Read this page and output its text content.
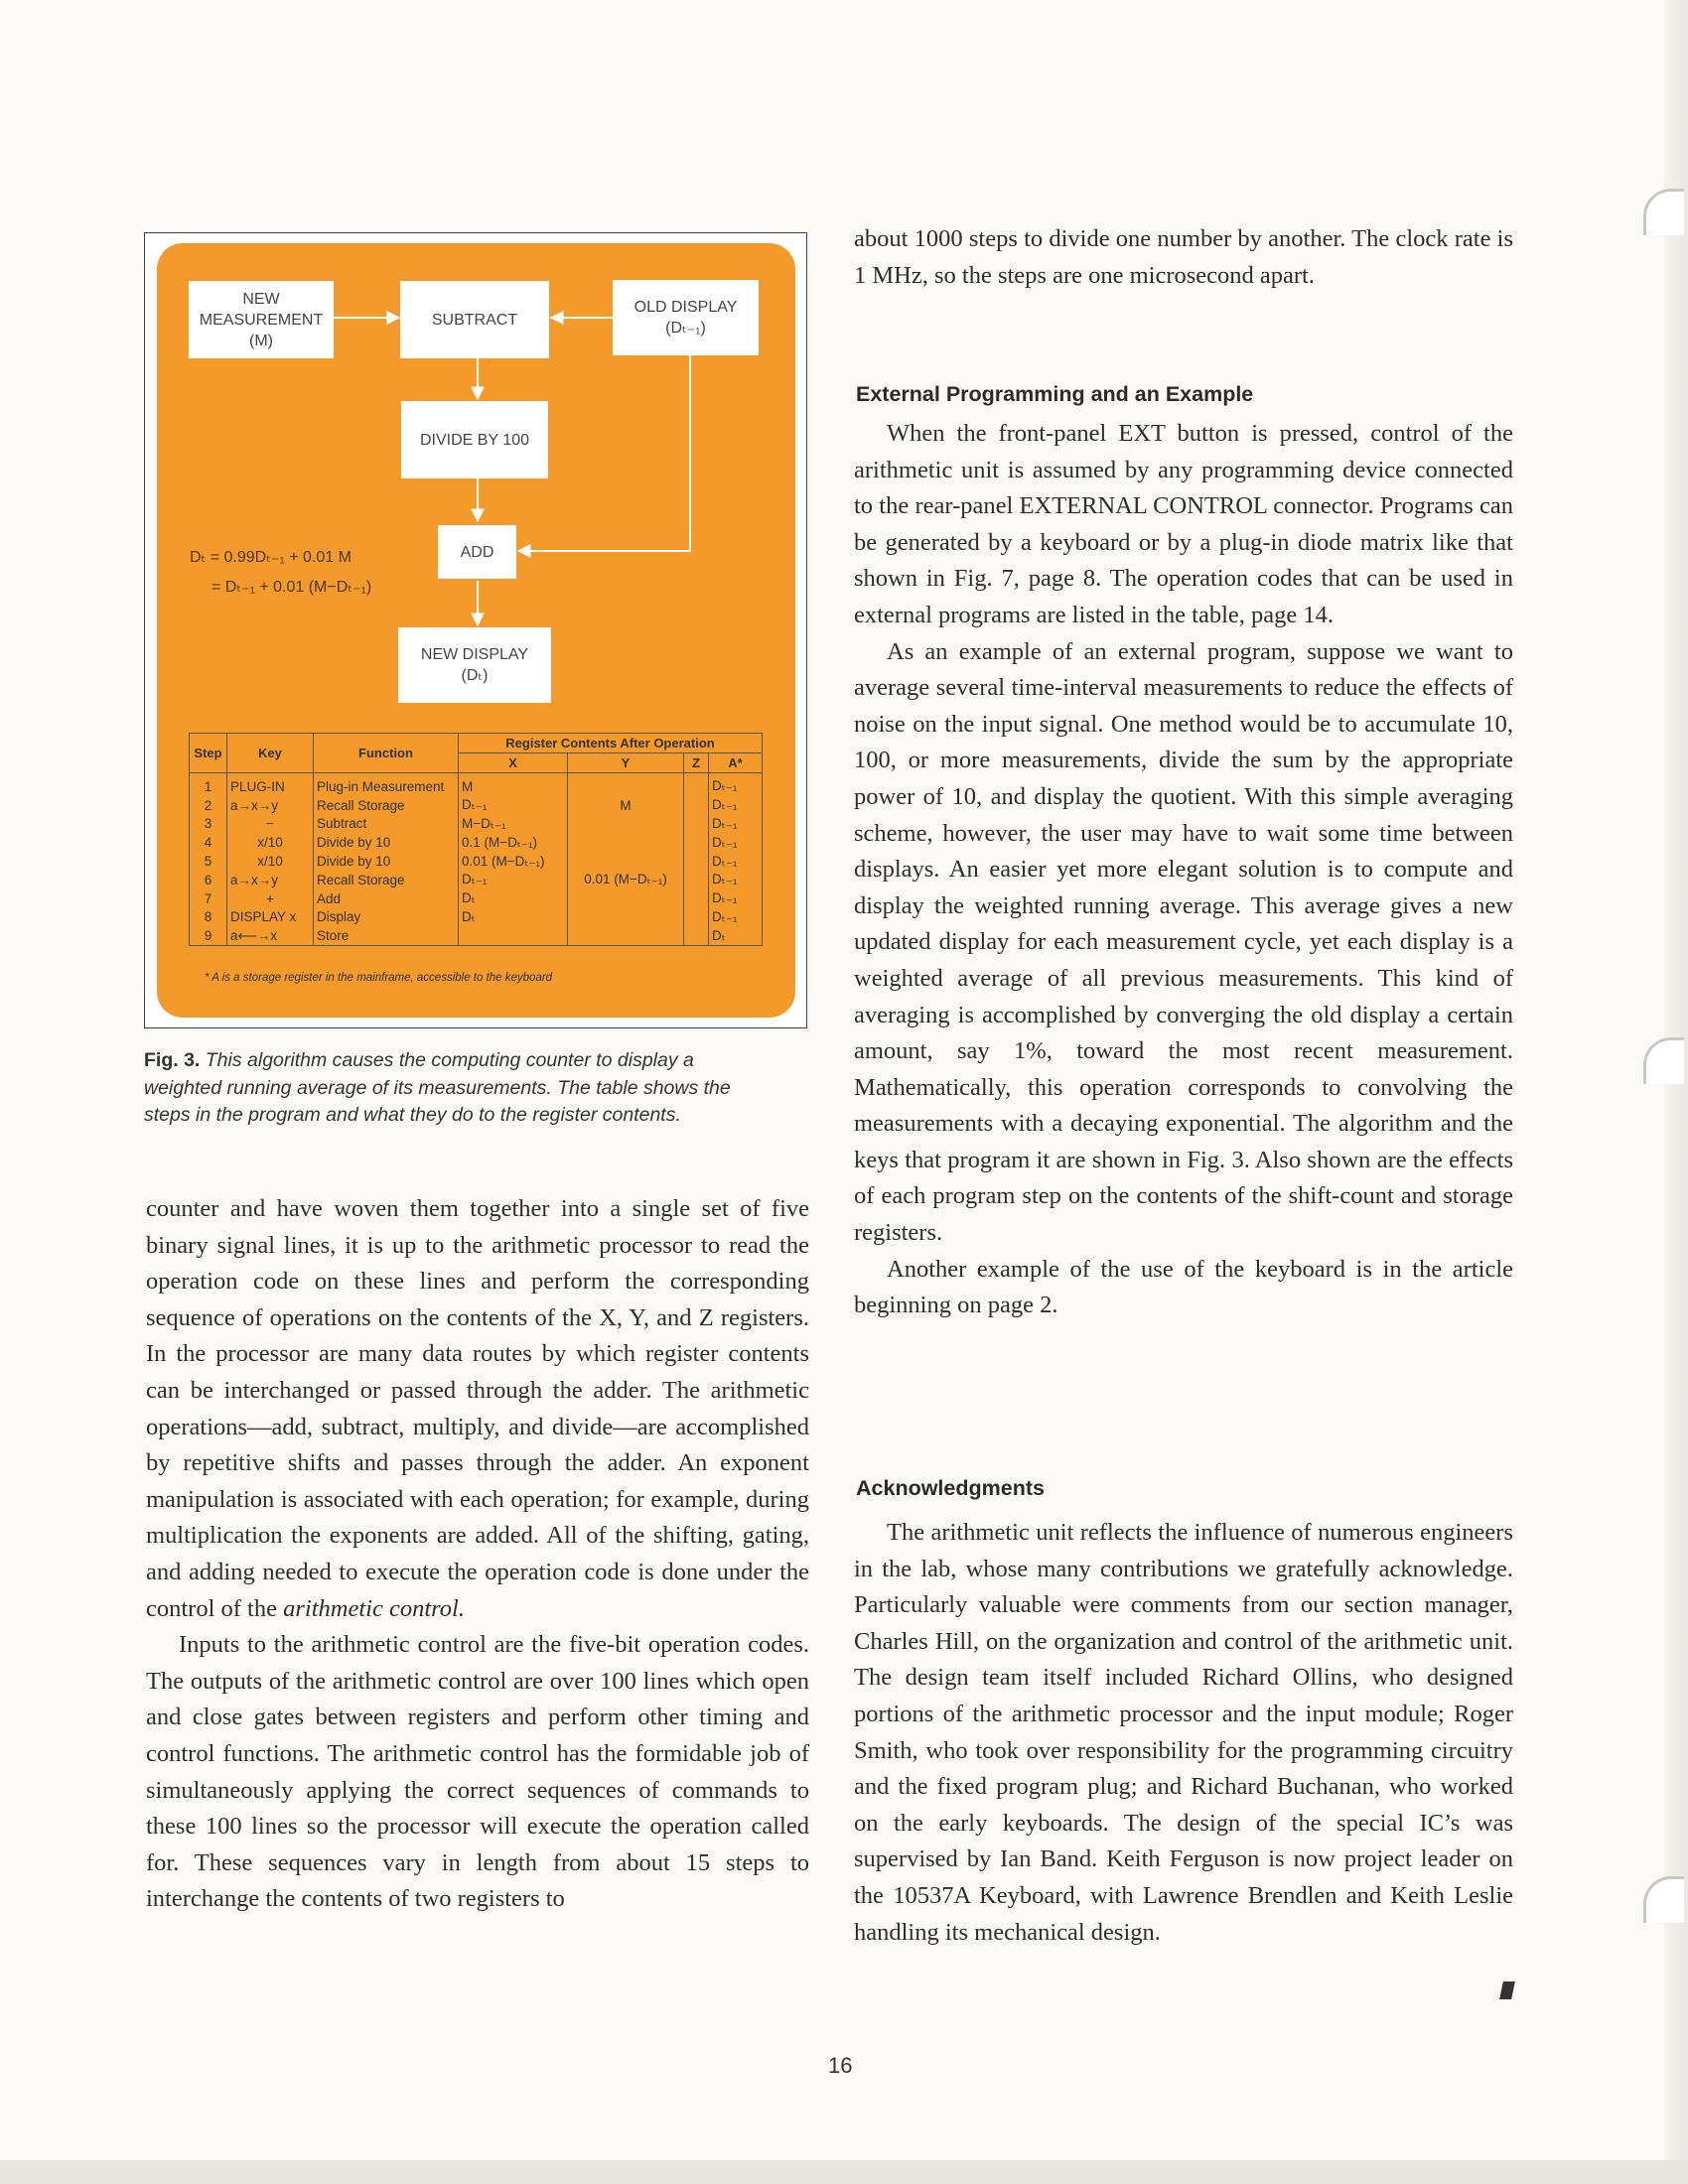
NEW
MEASUREMENT
(M)
SUBTRACT
OLD DISPLAY
(Dₜ₋₁)
DIVIDE BY 100
ADD
NEW DISPLAY
(Dₜ)
Dₜ = 0.99Dₜ₋₁ + 0.01 M
= Dₜ₋₁ + 0.01 (M−Dₜ₋₁)
Step	Key	Function	Register Contents After Operation			
			X	Y	Z	A*
1	PLUG-IN	Plug-in Measurement	M			Dₜ₋₁
2	a→x→y	Recall Storage	Dₜ₋₁	M		Dₜ₋₁
3	−	Subtract	M−Dₜ₋₁			Dₜ₋₁
4	x/10	Divide by 10	0.1 (M−Dₜ₋₁)			Dₜ₋₁
5	x/10	Divide by 10	0.01 (M−Dₜ₋₁)			Dₜ₋₁
6	a→x→y	Recall Storage	Dₜ₋₁	0.01 (M−Dₜ₋₁)		Dₜ₋₁
7	+	Add	Dₜ			Dₜ₋₁
8	DISPLAY x	Display	Dₜ			Dₜ₋₁
9	a⟵→x	Store				Dₜ
* A is a storage register in the mainframe, accessible to the keyboard
Fig. 3. This algorithm causes the computing counter to display a weighted running average of its measurements. The table shows the steps in the program and what they do to the register contents.

counter and have woven them together into a single set of five binary signal lines, it is up to the arithmetic processor to read the operation code on these lines and perform the corresponding sequence of operations on the contents of the X, Y, and Z registers. In the processor are many data routes by which register contents can be interchanged or passed through the adder. The arithmetic operations—add, subtract, multiply, and divide—are accomplished by repetitive shifts and passes through the adder. An exponent manipulation is associated with each operation; for example, during multiplication the exponents are added. All of the shifting, gating, and adding needed to execute the operation code is done under the control of the arithmetic control.

Inputs to the arithmetic control are the five-bit operation codes. The outputs of the arithmetic control are over 100 lines which open and close gates between registers and perform other timing and control functions. The arithmetic control has the formidable job of simultaneously applying the correct sequences of commands to these 100 lines so the processor will execute the operation called for. These sequences vary in length from about 15 steps to interchange the contents of two registers to

about 1000 steps to divide one number by another. The clock rate is 1 MHz, so the steps are one microsecond apart.

External Programming and an Example

When the front-panel EXT button is pressed, control of the arithmetic unit is assumed by any programming device connected to the rear-panel EXTERNAL CONTROL connector. Programs can be generated by a keyboard or by a plug-in diode matrix like that shown in Fig. 7, page 8. The operation codes that can be used in external programs are listed in the table, page 14.

As an example of an external program, suppose we want to average several time-interval measurements to reduce the effects of noise on the input signal. One method would be to accumulate 10, 100, or more measurements, divide the sum by the appropriate power of 10, and display the quotient. With this simple averaging scheme, however, the user may have to wait some time between displays. An easier yet more elegant solution is to compute and display the weighted running average. This average gives a new updated display for each measurement cycle, yet each display is a weighted average of all previous measurements. This kind of averaging is accomplished by converging the old display a certain amount, say 1%, toward the most recent measurement. Mathematically, this operation corresponds to convolving the measurements with a decaying exponential. The algorithm and the keys that program it are shown in Fig. 3. Also shown are the effects of each program step on the contents of the shift-count and storage registers.

Another example of the use of the keyboard is in the article beginning on page 2.

Acknowledgments

The arithmetic unit reflects the influence of numerous engineers in the lab, whose many contributions we gratefully acknowledge. Particularly valuable were comments from our section manager, Charles Hill, on the organization and control of the arithmetic unit. The design team itself included Richard Ollins, who designed portions of the arithmetic processor and the input module; Roger Smith, who took over responsibility for the programming circuitry and the fixed program plug; and Richard Buchanan, who worked on the early keyboards. The design of the special IC’s was supervised by Ian Band. Keith Ferguson is now project leader on the 10537A Keyboard, with Lawrence Brendlen and Keith Leslie handling its mechanical design.

16
